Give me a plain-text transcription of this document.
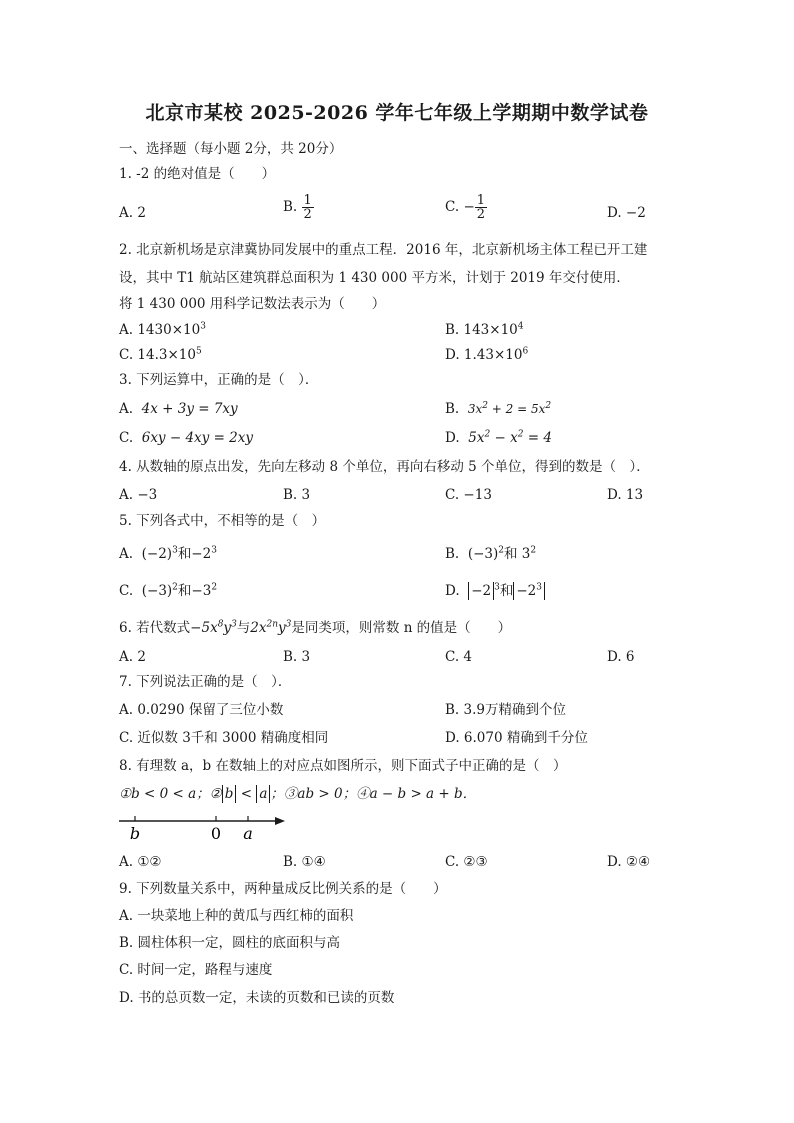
北京市某校 2025-2026 学年七年级上学期期中数学试卷
一、选择题（每小题 2分，共 20分）
1. -2 的绝对值是（　　）
A. 2	B. $\frac{1}{2}$	C. − $\frac{1}{2}$	D. −2
2. 北京新机场是京津冀协同发展中的重点工程．2016 年，北京新机场主体工程已开工建
设，其中 T1 航站区建筑群总面积为 1 430 000 平方米，计划于 2019 年交付使用．
将 1 430 000 用科学记数法表示为（　　）
A. $1430\times 10^3$	B. $143\times 10^4$
C. $14.3\times 10^5$	D. $1.43\times 10^6$
3. 下列运算中，正确的是（　）．
A. 4x + 3y = 7xy	B. $3x^2 + 2 = 5x^2$
C. 6xy − 4xy = 2xy	D. $5x^2 - x^2 = 4$
4. 从数轴的原点出发，先向左移动 8 个单位，再向右移动 5 个单位，得到的数是（　）．
A. −3	B. 3	C. −13	D. 13
5. 下列各式中，不相等的是（　）
A. $(-2)^3$和$-2^3$	B. $(-3)^2$和 $3^2$
C. $(-3)^2$和$-3^2$	D. −2 $^3$和 $-2^3$
6. 若代数式$-5x^8y^3$与$2x^{2n}y^3$是同类项，则常数 n 的值是（　　）
A. 2	B. 3	C. 4	D. 6
7. 下列说法正确的是（　）．
A. 0.0290 保留了三位小数	B. 3.9万精确到个位
C. 近似数 3千和 3000 精确度相同	D. 6.070 精确到千分位
8. 有理数 a，b 在数轴上的对应点如图所示，则下面式子中正确的是（　）
①b < 0 < a；② b < a ；③ab > 0；④a − b > a + b．
b	0 a
A. ①②	B. ①④	C. ②③	D. ②④
9. 下列数量关系中，两种量成反比例关系的是（　　）
A. 一块菜地上种的黄瓜与西红柿的面积
B. 圆柱体积一定，圆柱的底面积与高
C. 时间一定，路程与速度
D. 书的总页数一定，未读的页数和已读的页数
